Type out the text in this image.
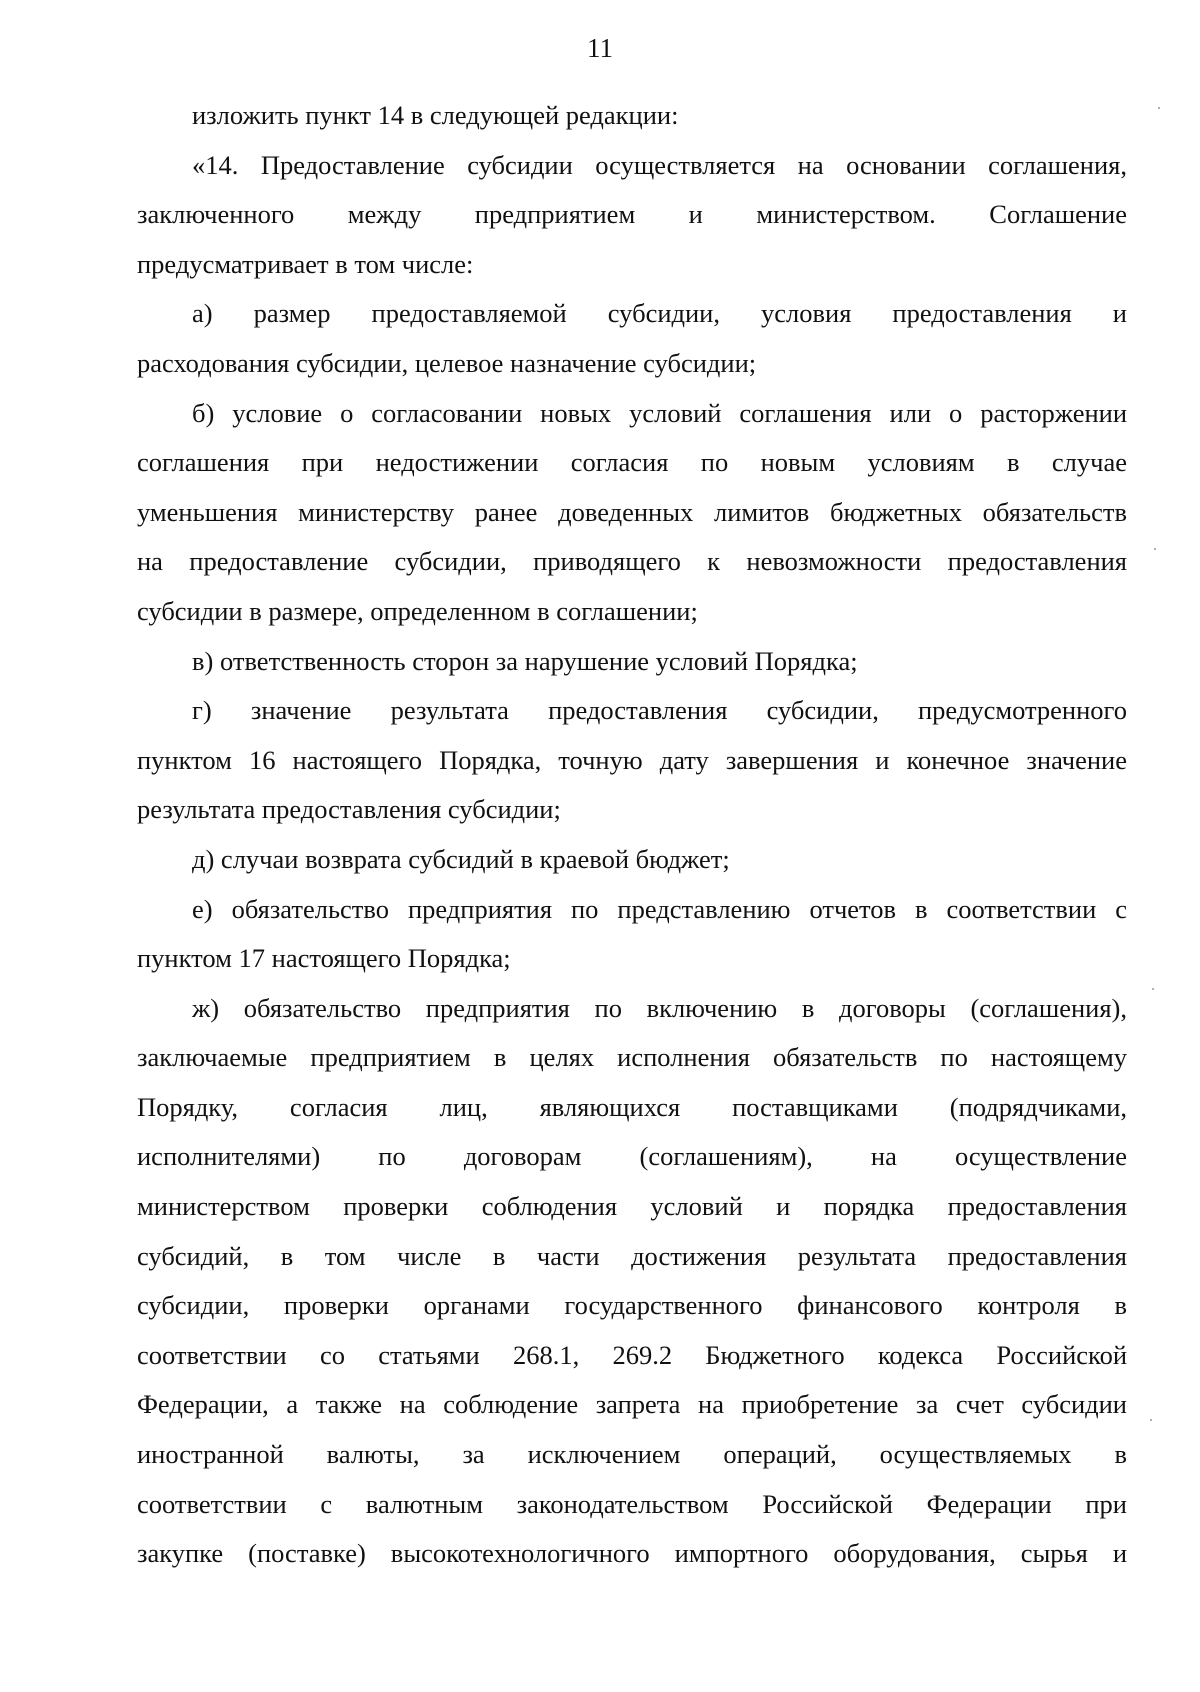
11
изложить пункт 14 в следующей редакции:
«14. Предоставление субсидии осуществляется на основании соглашения,
заключенного между предприятием и министерством. Соглашение
предусматривает в том числе:
а) размер предоставляемой субсидии, условия предоставления и
расходования субсидии, целевое назначение субсидии;
б) условие о согласовании новых условий соглашения или о расторжении
соглашения при недостижении согласия по новым условиям в случае
уменьшения министерству ранее доведенных лимитов бюджетных обязательств
на предоставление субсидии, приводящего к невозможности предоставления
субсидии в размере, определенном в соглашении;
в) ответственность сторон за нарушение условий Порядка;
г) значение результата предоставления субсидии, предусмотренного
пунктом 16 настоящего Порядка, точную дату завершения и конечное значение
результата предоставления субсидии;
д) случаи возврата субсидий в краевой бюджет;
е) обязательство предприятия по представлению отчетов в соответствии с
пунктом 17 настоящего Порядка;
ж) обязательство предприятия по включению в договоры (соглашения),
заключаемые предприятием в целях исполнения обязательств по настоящему
Порядку, согласия лиц, являющихся поставщиками (подрядчиками,
исполнителями) по договорам (соглашениям), на осуществление
министерством проверки соблюдения условий и порядка предоставления
субсидий, в том числе в части достижения результата предоставления
субсидии, проверки органами государственного финансового контроля в
соответствии со статьями 268.1, 269.2 Бюджетного кодекса Российской
Федерации, а также на соблюдение запрета на приобретение за счет субсидии
иностранной валюты, за исключением операций, осуществляемых в
соответствии с валютным законодательством Российской Федерации при
закупке (поставке) высокотехнологичного импортного оборудования, сырья и
